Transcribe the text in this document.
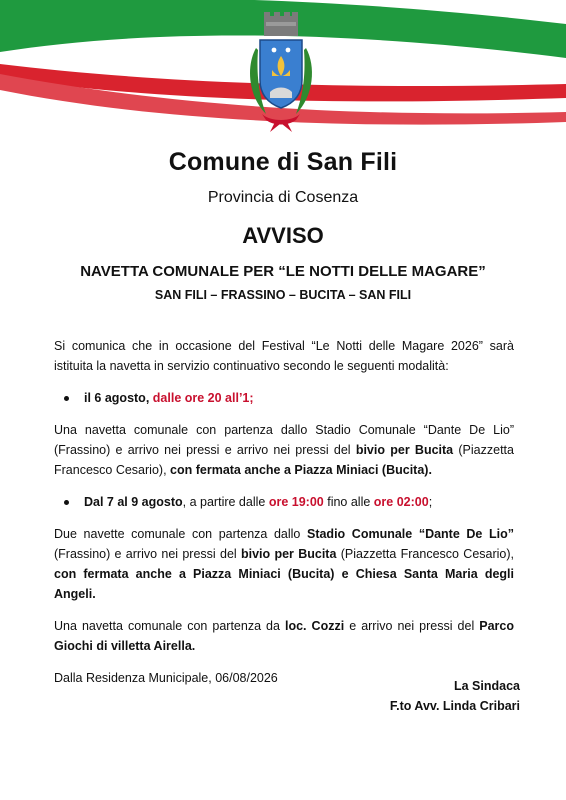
Comune di San Fili
Provincia di Cosenza
AVVISO
NAVETTA COMUNALE PER “LE NOTTI DELLE MAGARE”
SAN FILI – FRASSINO – BUCITA – SAN FILI

Si comunica che in occasione del Festival “Le Notti delle Magare 2026” sarà istituita la navetta in servizio continuativo secondo le seguenti modalità:

il 6 agosto, dalle ore 20 all’1;

Una navetta comunale con partenza dallo Stadio Comunale “Dante De Lio” (Frassino) e arrivo nei pressi e arrivo nei pressi del bivio per Bucita (Piazzetta Francesco Cesario), con fermata anche a Piazza Miniaci (Bucita).

Dal 7 al 9 agosto, a partire dalle ore 19:00 fino alle ore 02:00;

Due navette comunale con partenza dallo Stadio Comunale “Dante De Lio” (Frassino) e arrivo nei pressi del bivio per Bucita (Piazzetta Francesco Cesario), con fermata anche a Piazza Miniaci (Bucita) e Chiesa Santa Maria degli Angeli.

Una navetta comunale con partenza da loc. Cozzi e arrivo nei pressi del Parco Giochi di villetta Airella.

Dalla Residenza Municipale, 06/08/2026

La Sindaca
F.to Avv. Linda Cribari
